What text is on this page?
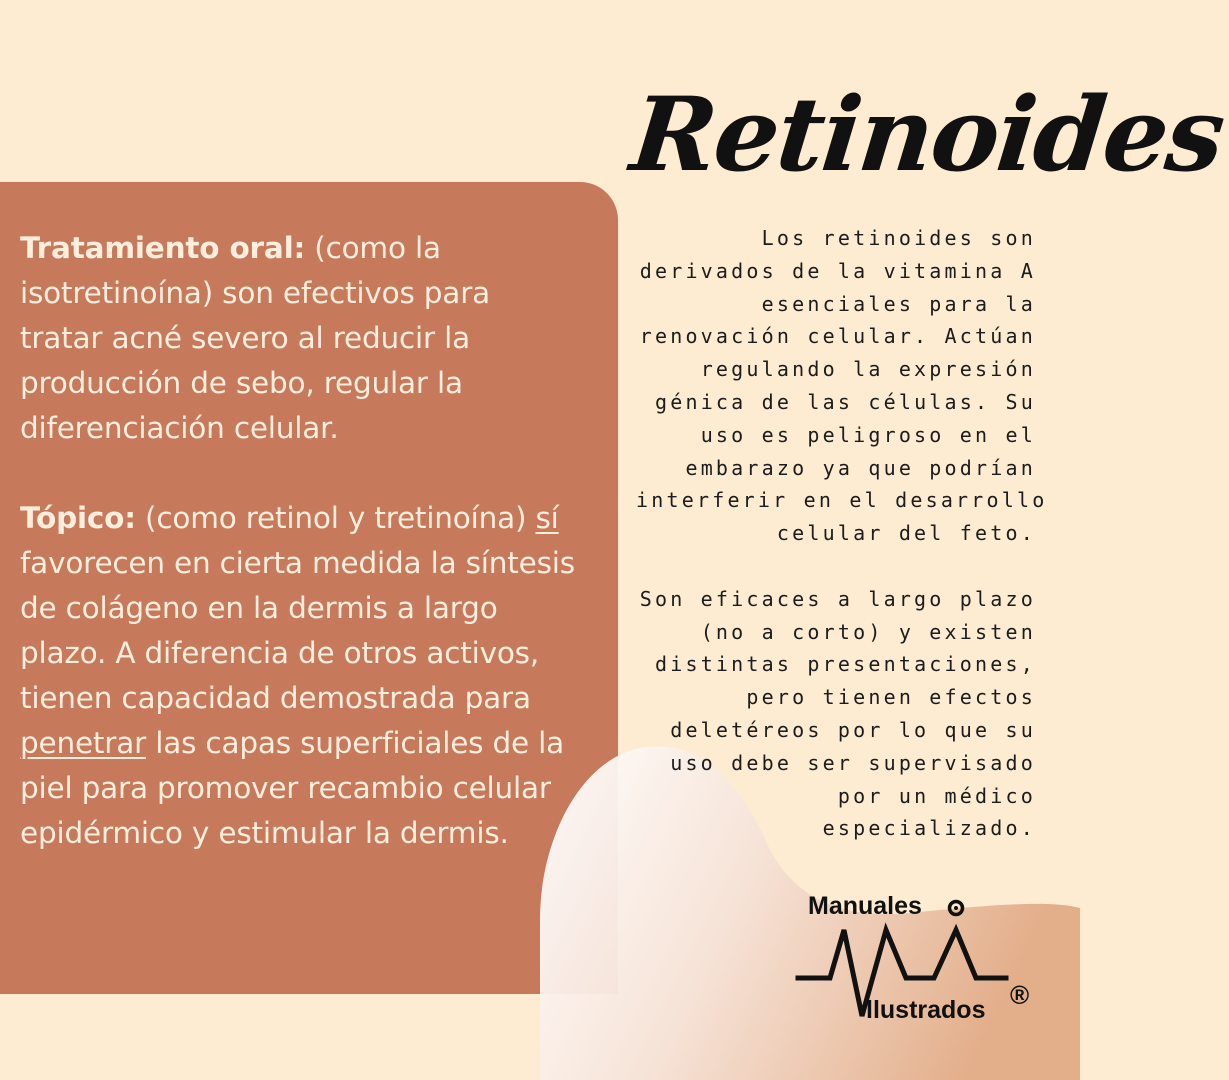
Tratamiento oral: (como la isotretinoína) son efectivos para tratar acné severo al reducir la producción de sebo, regular la diferenciación celular.

Tópico: (como retinol y tretinoína) sí favorecen en cierta medida la síntesis de colágeno en la dermis a largo plazo. A diferencia de otros activos, tienen capacidad demostrada para penetrar las capas superficiales de la piel para promover recambio celular epidérmico y estimular la dermis.

Retinoides

Los retinoides son
derivados de la vitamina A
esenciales para la
renovación celular. Actúan
regulando la expresión
génica de las células. Su
uso es peligroso en el
embarazo ya que podrían
interferir en el desarrollo
celular del feto.

Son eficaces a largo plazo
(no a corto) y existen
distintas presentaciones,
pero tienen efectos
deletéreos por lo que su
uso debe ser supervisado
por un médico
especializado.

Manuales
llustrados ®
